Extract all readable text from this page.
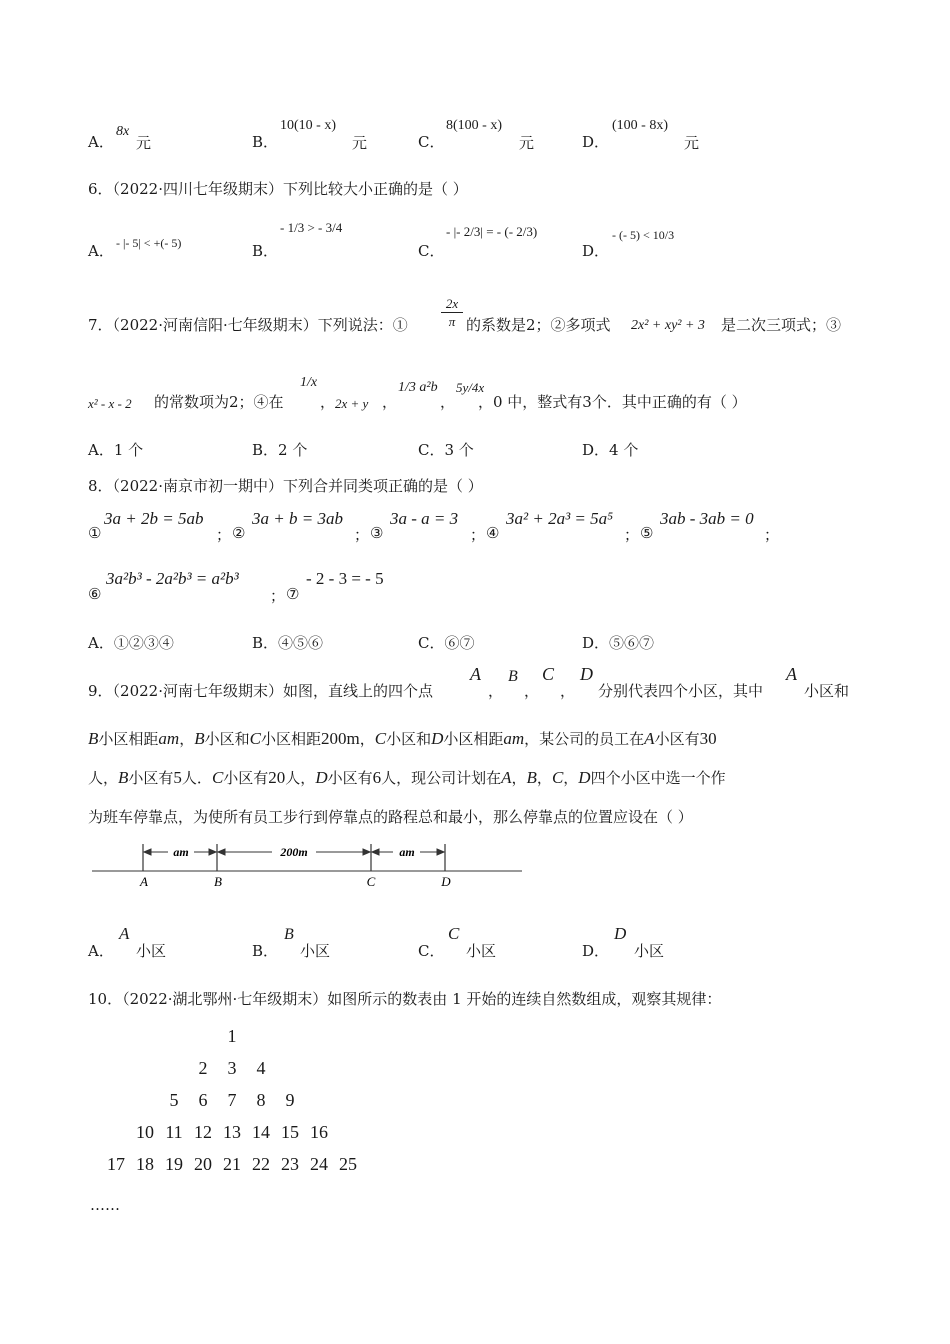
A．
8x
元	B．
10(10 - x)
元	C．
8(100 - x)
元	D．
(100 - 8x)
元
6．（2022·四川七年级期末）下列比较大小正确的是（ ）
A． - |- 5| < +(- 5)	B．
- 1/3 > - 3/4
C．
- |- 2/3| = - (- 2/3)
D．
- (- 5) < 10/3
7．（2022·河南信阳·七年级期末）下列说法：①
2x
π 的系数是2；②多项式 2x² + xy² + 3 是二次三项式；③
x² - x - 2 的常数项为2；④在
1/x
， 2x + y ，
1/3 a²b
，
5y/4x
，0 中，整式有3个．其中正确的有（ ）
A．1 个	B．2 个	C．3 个	D．4 个
8．（2022·南京市初一期中）下列合并同类项正确的是（ ）
①
3a + 2b = 5ab
； ②
3a + b = 3ab
； ③
3a - a = 3
； ④
3a² + 2a³ = 5a⁵
； ⑤
3ab - 3ab = 0
；
⑥
3a²b³ - 2a²b³ = a²b³
； ⑦
- 2 - 3 = - 5
A．①②③④	B．④⑤⑥	C．⑥⑦	D．⑤⑥⑦
9．（2022·河南七年级期末）如图，直线上的四个点
A
，
B
，
C
，
D
分别代表四个小区，其中
A
小区和
B小区相距am，B小区和C小区相距200m，C小区和D小区相距am，某公司的员工在A小区有30
人，B小区有5人．C小区有20人，D小区有6人，现公司计划在A，B，C，D四个小区中选一个作
为班车停靠点，为使所有员工步行到停靠点的路程总和最小，那么停靠点的位置应设在（ ）
am	200m	am
A	B	C	D
A．
A
小区	B．
B
小区	C．
C
小区	D．
D
小区
10．（2022·湖北鄂州·七年级期末）如图所示的数表由 1 开始的连续自然数组成，观察其规律：
1
2	3	4
5	6	7	8	9
10 11 12 13 14 15 16
17 18 19 20 21 22 23 24 25
……
